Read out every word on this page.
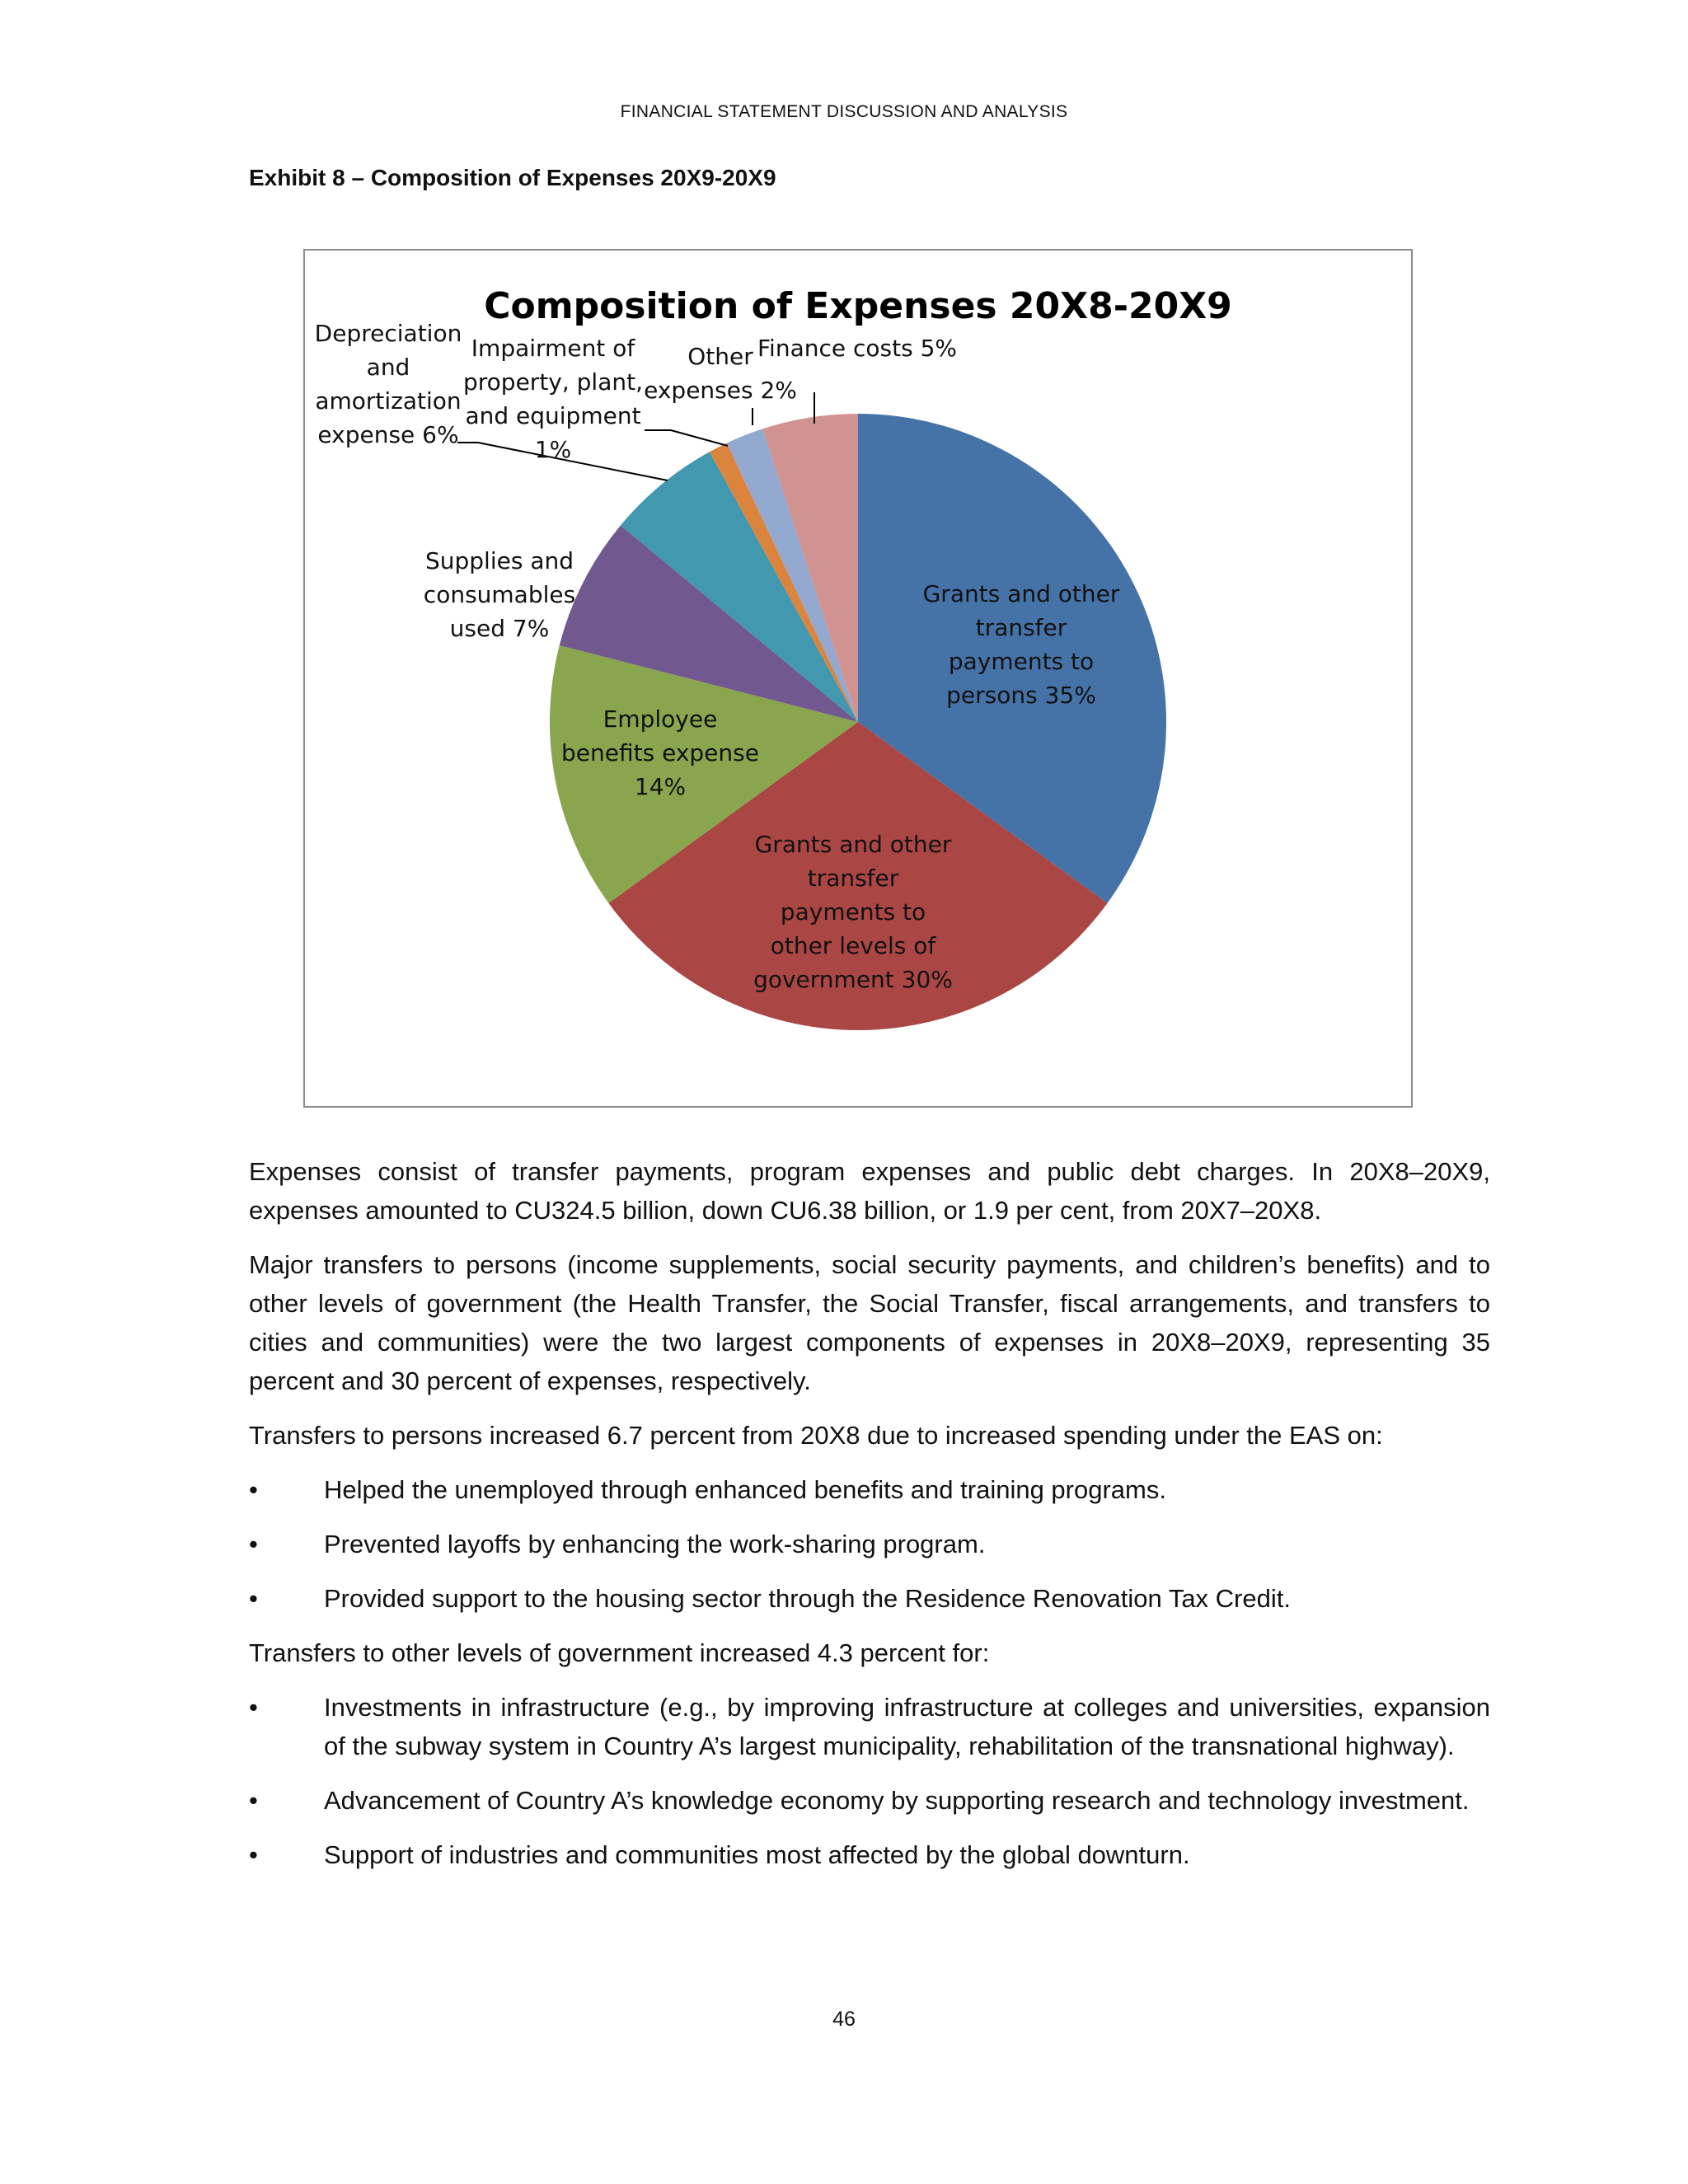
FINANCIAL STATEMENT DISCUSSION AND ANALYSIS
Exhibit 8 – Composition of Expenses 20X9-20X9
Composition of Expenses 20X8-20X9
Grants and other transfer payments to persons 35%
Grants and other transfer payments to other levels of government 30%
Employee benefits expense 14%
Supplies and consumables used 7%
Depreciation and amortization expense 6%
Impairment of property, plant, and equipment 1%
Other expenses 2%
Finance costs 5%

Expenses consist of transfer payments, program expenses and public debt charges. In 20X8–20X9, expenses amounted to CU324.5 billion, down CU6.38 billion, or 1.9 per cent, from 20X7–20X8.

Major transfers to persons (income supplements, social security payments, and children’s benefits) and to other levels of government (the Health Transfer, the Social Transfer, fiscal arrangements, and transfers to cities and communities) were the two largest components of expenses in 20X8–20X9, representing 35 percent and 30 percent of expenses, respectively.

Transfers to persons increased 6.7 percent from 20X8 due to increased spending under the EAS on:

•	Helped the unemployed through enhanced benefits and training programs.
•	Prevented layoffs by enhancing the work-sharing program.
•	Provided support to the housing sector through the Residence Renovation Tax Credit.

Transfers to other levels of government increased 4.3 percent for:

•	Investments in infrastructure (e.g., by improving infrastructure at colleges and universities, expansion of the subway system in Country A’s largest municipality, rehabilitation of the transnational highway).
•	Advancement of Country A’s knowledge economy by supporting research and technology investment.
•	Support of industries and communities most affected by the global downturn.
46
